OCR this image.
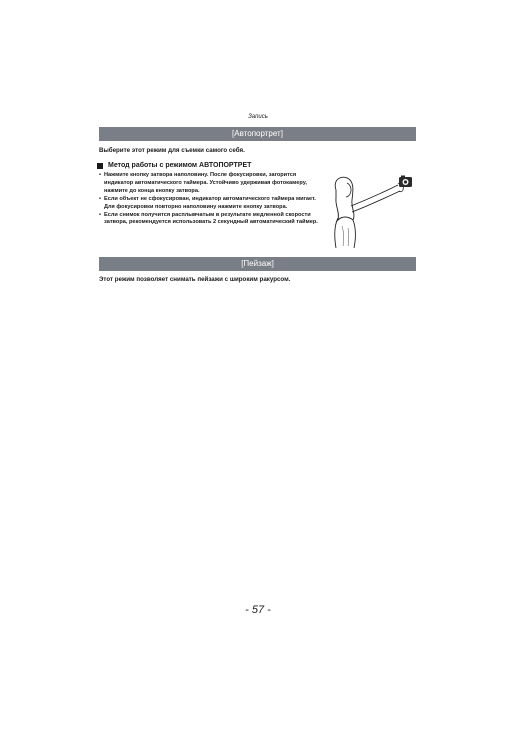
Запись
[Автопортрет]
Выберите этот режим для съемки самого себя.
Метод работы с режимом АВТОПОРТРЕТ
• Нажмите кнопку затвора наполовину. После фокусировки, загорится индикатор автоматического таймера. Устойчиво удерживая фотокамеру, нажмите до конца кнопку затвора.
• Если объект не сфокусирован, индикатор автоматического таймера мигает. Для фокусировки повторно наполовину нажмите кнопку затвора.
• Если снимок получится расплывчатым в результате медленной скорости затвора, рекомендуется использовать 2 секундный автоматический таймер.
[Пейзаж]
Этот режим позволяет снимать пейзажи с широким ракурсом.
- 57 -
